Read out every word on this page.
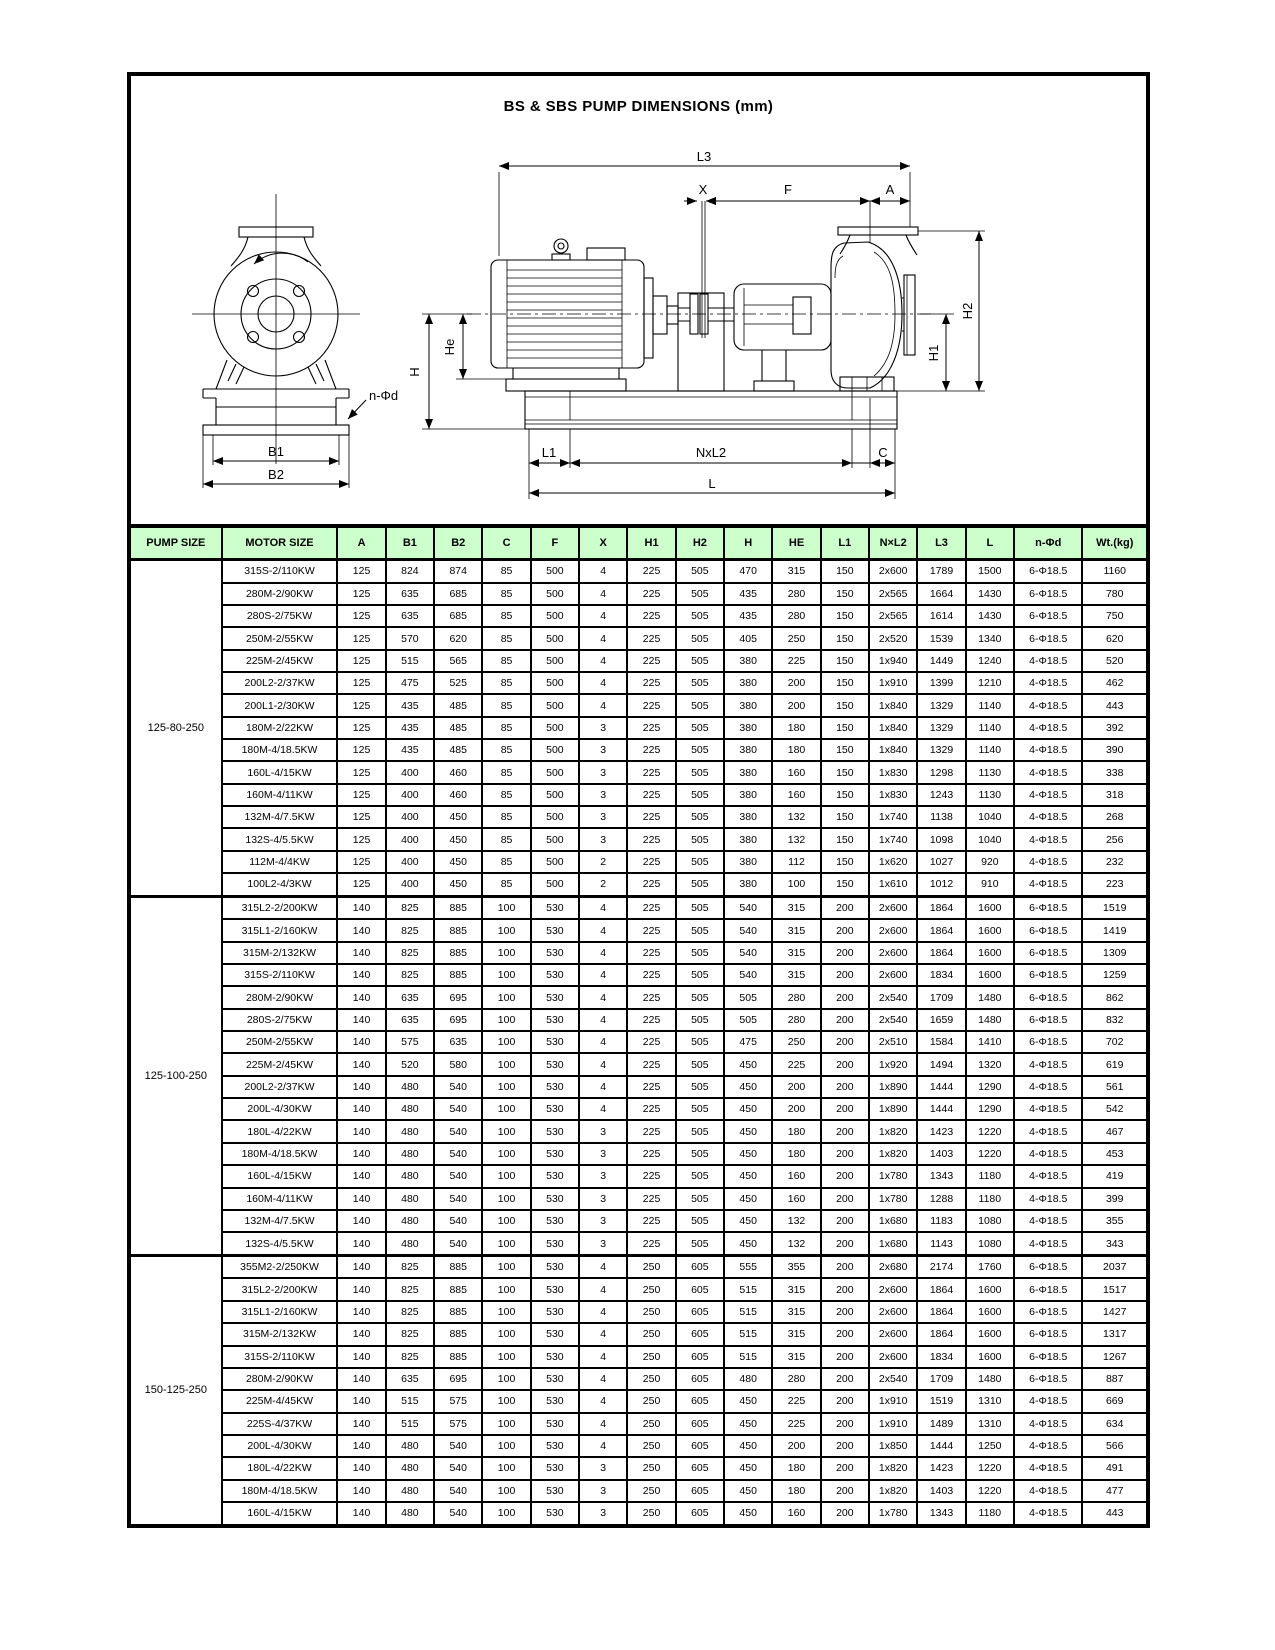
BS & SBS PUMP DIMENSIONS (mm)
n-Φd
B1
B2
L3
X	F	A
H
He	H1
H2
L1	NxL2	C
L
PUMP SIZE	MOTOR SIZE	A	B1	B2	C	F	X	H1	H2	H	HE	L1	N×L2	L3	L	n-Φd	Wt.(kg)
125-80-250	315S-2/110KW	125	824	874	85	500	4	225	505	470	315	150	2x600	1789	1500	6-Φ18.5	1160
	280M-2/90KW	125	635	685	85	500	4	225	505	435	280	150	2x565	1664	1430	6-Φ18.5	780
	280S-2/75KW	125	635	685	85	500	4	225	505	435	280	150	2x565	1614	1430	6-Φ18.5	750
	250M-2/55KW	125	570	620	85	500	4	225	505	405	250	150	2x520	1539	1340	6-Φ18.5	620
	225M-2/45KW	125	515	565	85	500	4	225	505	380	225	150	1x940	1449	1240	4-Φ18.5	520
	200L2-2/37KW	125	475	525	85	500	4	225	505	380	200	150	1x910	1399	1210	4-Φ18.5	462
	200L1-2/30KW	125	435	485	85	500	4	225	505	380	200	150	1x840	1329	1140	4-Φ18.5	443
	180M-2/22KW	125	435	485	85	500	3	225	505	380	180	150	1x840	1329	1140	4-Φ18.5	392
	180M-4/18.5KW	125	435	485	85	500	3	225	505	380	180	150	1x840	1329	1140	4-Φ18.5	390
	160L-4/15KW	125	400	460	85	500	3	225	505	380	160	150	1x830	1298	1130	4-Φ18.5	338
	160M-4/11KW	125	400	460	85	500	3	225	505	380	160	150	1x830	1243	1130	4-Φ18.5	318
	132M-4/7.5KW	125	400	450	85	500	3	225	505	380	132	150	1x740	1138	1040	4-Φ18.5	268
	132S-4/5.5KW	125	400	450	85	500	3	225	505	380	132	150	1x740	1098	1040	4-Φ18.5	256
	112M-4/4KW	125	400	450	85	500	2	225	505	380	112	150	1x620	1027	920	4-Φ18.5	232
	100L2-4/3KW	125	400	450	85	500	2	225	505	380	100	150	1x610	1012	910	4-Φ18.5	223
125-100-250	315L2-2/200KW	140	825	885	100	530	4	225	505	540	315	200	2x600	1864	1600	6-Φ18.5	1519
	315L1-2/160KW	140	825	885	100	530	4	225	505	540	315	200	2x600	1864	1600	6-Φ18.5	1419
	315M-2/132KW	140	825	885	100	530	4	225	505	540	315	200	2x600	1864	1600	6-Φ18.5	1309
	315S-2/110KW	140	825	885	100	530	4	225	505	540	315	200	2x600	1834	1600	6-Φ18.5	1259
	280M-2/90KW	140	635	695	100	530	4	225	505	505	280	200	2x540	1709	1480	6-Φ18.5	862
	280S-2/75KW	140	635	695	100	530	4	225	505	505	280	200	2x540	1659	1480	6-Φ18.5	832
	250M-2/55KW	140	575	635	100	530	4	225	505	475	250	200	2x510	1584	1410	6-Φ18.5	702
	225M-2/45KW	140	520	580	100	530	4	225	505	450	225	200	1x920	1494	1320	4-Φ18.5	619
	200L2-2/37KW	140	480	540	100	530	4	225	505	450	200	200	1x890	1444	1290	4-Φ18.5	561
	200L-4/30KW	140	480	540	100	530	4	225	505	450	200	200	1x890	1444	1290	4-Φ18.5	542
	180L-4/22KW	140	480	540	100	530	3	225	505	450	180	200	1x820	1423	1220	4-Φ18.5	467
	180M-4/18.5KW	140	480	540	100	530	3	225	505	450	180	200	1x820	1403	1220	4-Φ18.5	453
	160L-4/15KW	140	480	540	100	530	3	225	505	450	160	200	1x780	1343	1180	4-Φ18.5	419
	160M-4/11KW	140	480	540	100	530	3	225	505	450	160	200	1x780	1288	1180	4-Φ18.5	399
	132M-4/7.5KW	140	480	540	100	530	3	225	505	450	132	200	1x680	1183	1080	4-Φ18.5	355
	132S-4/5.5KW	140	480	540	100	530	3	225	505	450	132	200	1x680	1143	1080	4-Φ18.5	343
150-125-250	355M2-2/250KW	140	825	885	100	530	4	250	605	555	355	200	2x680	2174	1760	6-Φ18.5	2037
	315L2-2/200KW	140	825	885	100	530	4	250	605	515	315	200	2x600	1864	1600	6-Φ18.5	1517
	315L1-2/160KW	140	825	885	100	530	4	250	605	515	315	200	2x600	1864	1600	6-Φ18.5	1427
	315M-2/132KW	140	825	885	100	530	4	250	605	515	315	200	2x600	1864	1600	6-Φ18.5	1317
	315S-2/110KW	140	825	885	100	530	4	250	605	515	315	200	2x600	1834	1600	6-Φ18.5	1267
	280M-2/90KW	140	635	695	100	530	4	250	605	480	280	200	2x540	1709	1480	6-Φ18.5	887
	225M-4/45KW	140	515	575	100	530	4	250	605	450	225	200	1x910	1519	1310	4-Φ18.5	669
	225S-4/37KW	140	515	575	100	530	4	250	605	450	225	200	1x910	1489	1310	4-Φ18.5	634
	200L-4/30KW	140	480	540	100	530	4	250	605	450	200	200	1x850	1444	1250	4-Φ18.5	566
	180L-4/22KW	140	480	540	100	530	3	250	605	450	180	200	1x820	1423	1220	4-Φ18.5	491
	180M-4/18.5KW	140	480	540	100	530	3	250	605	450	180	200	1x820	1403	1220	4-Φ18.5	477
	160L-4/15KW	140	480	540	100	530	3	250	605	450	160	200	1x780	1343	1180	4-Φ18.5	443
